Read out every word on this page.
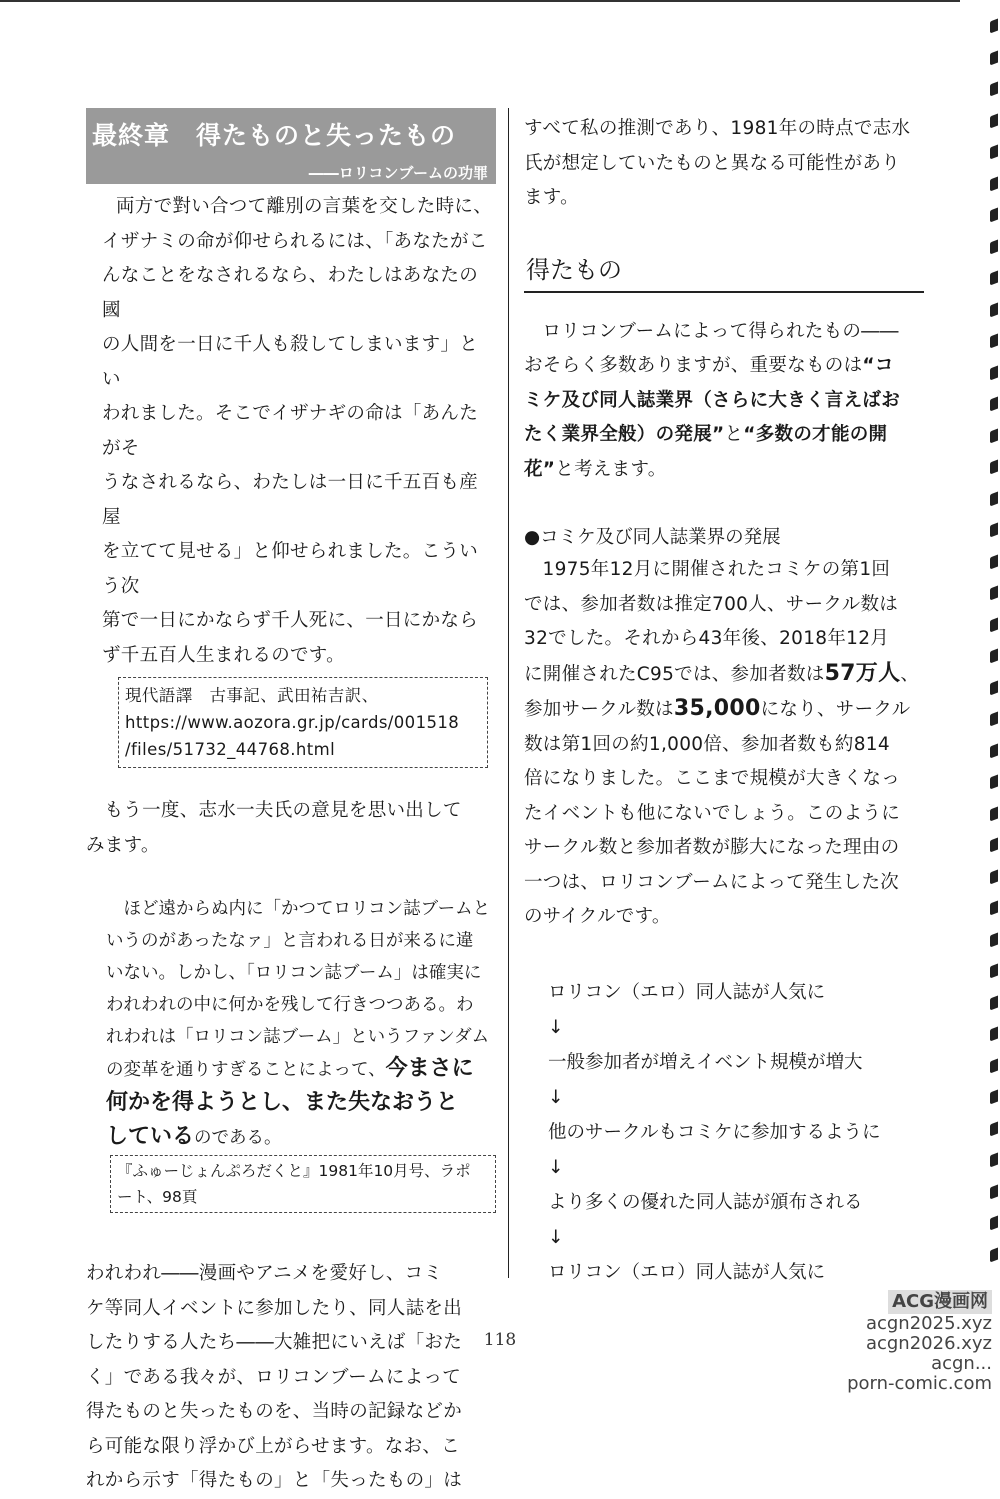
最終章　得たものと失ったもの
――ロリコンブームの功罪

両方で對い合つて離別の言葉を交した時に、

イザナミの命が仰せられるには、「あなたがこ

んなことをなされるなら、わたしはあなたの國

の人間を一日に千人も殺してしまいます」とい

われました。そこでイザナギの命は「あんたがそ

うなされるなら、わたしは一日に千五百も産屋

を立てて見せる」と仰せられました。こういう次

第で一日にかならず千人死に、一日にかなら

ず千五百人生まれるのです。

現代語譯　古事記、武田祐吉訳、
https://www.aozora.gr.jp/cards/001518
/files/51732_44768.html

もう一度、志水一夫氏の意見を思い出して

みます。

ほど遠からぬ内に「かつてロリコン誌ブームと

いうのがあったなァ」と言われる日が来るに違

いない。しかし、「ロリコン誌ブーム」は確実に

われわれの中に何かを残して行きつつある。わ

れわれは「ロリコン誌ブーム」というファンダム

の変革を通りすぎることによって、今まさに

何かを得ようとし、また失なおうと

しているのである。

『ふゅーじょんぷろだくと』1981年10月号、ラポ
ート、98頁

われわれ――漫画やアニメを愛好し、コミ

ケ等同人イベントに参加したり、同人誌を出

したりする人たち――大雑把にいえば「おた

く」である我々が、ロリコンブームによって

得たものと失ったものを、当時の記録などか

ら可能な限り浮かび上がらせます。なお、こ

れから示す「得たもの」と「失ったもの」は

すべて私の推測であり、1981年の時点で志水

氏が想定していたものと異なる可能性があり

ます。

得たもの

ロリコンブームによって得られたもの――

おそらく多数ありますが、重要なものは“コ

ミケ及び同人誌業界（さらに大きく言えばお

たく業界全般）の発展”と“多数の才能の開

花”と考えます。

●コミケ及び同人誌業界の発展

1975年12月に開催されたコミケの第1回

では、参加者数は推定700人、サークル数は

32でした。それから43年後、2018年12月

に開催されたC95では、参加者数は57万人、

参加サークル数は35,000になり、サークル

数は第1回の約1,000倍、参加者数も約814

倍になりました。ここまで規模が大きくなっ

たイベントも他にないでしょう。このように

サークル数と参加者数が膨大になった理由の

一つは、ロリコンブームによって発生した次

のサイクルです。

ロリコン（エロ）同人誌が人気に
↓
一般参加者が増えイベント規模が増大
↓
他のサークルもコミケに参加するように
↓
より多くの優れた同人誌が頒布される
↓
ロリコン（エロ）同人誌が人気に
118
ACG漫画网
acgn2025.xyz
acgn2026.xyz
acgn...
porn-comic.com
